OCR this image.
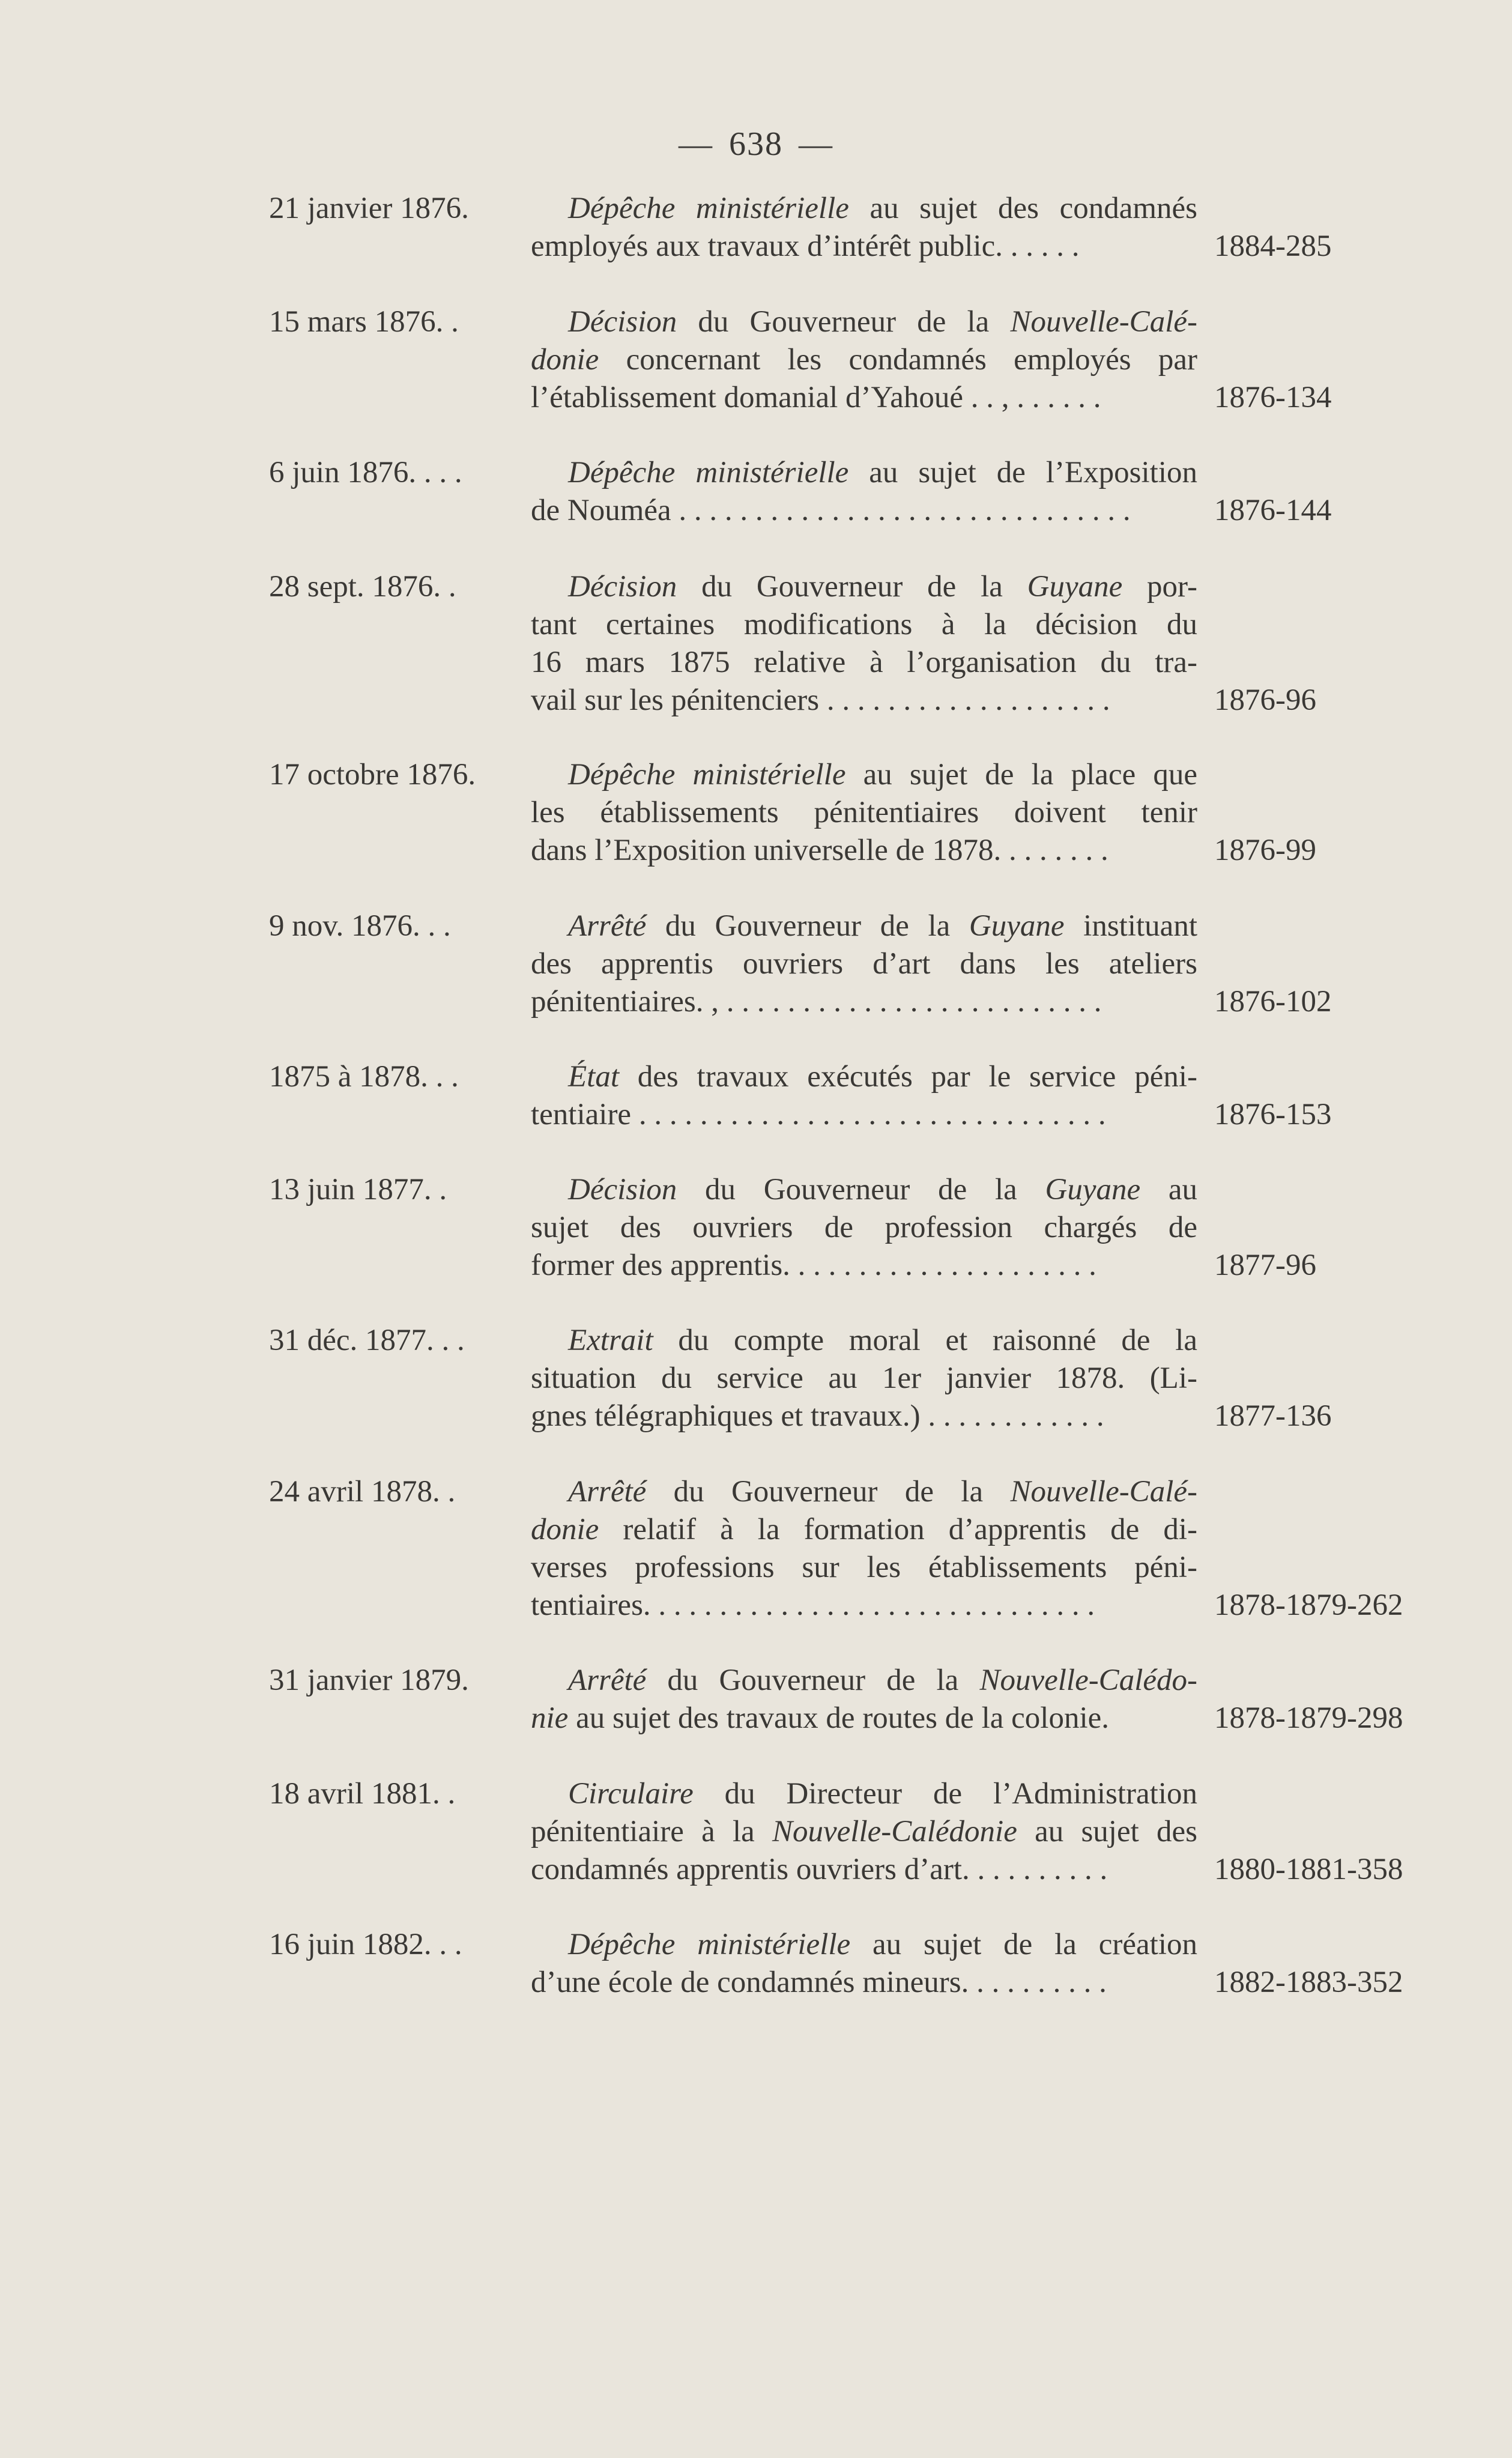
— 638 —
21 janvier 1876.	Dépêche ministérielle au sujet des condamnés
employés aux travaux d’intérêt public. . . . . .	1884-285
15 mars 1876. .	Décision du Gouverneur de la Nouvelle-Calé-
donie concernant les condamnés employés par
l’établissement domanial d’Yahoué . . , . . . . . .	1876-134
6 juin 1876. . . .	Dépêche ministérielle au sujet de l’Exposition
de Nouméa . . . . . . . . . . . . . . . . . . . . . . . . . . . . . .	1876-144
28 sept. 1876. .	Décision du Gouverneur de la Guyane por-
tant certaines modifications à la décision du
16 mars 1875 relative à l’organisation du tra-
vail sur les pénitenciers . . . . . . . . . . . . . . . . . . .	1876-96
17 octobre 1876.	Dépêche ministérielle au sujet de la place que
les établissements pénitentiaires doivent tenir
dans l’Exposition universelle de 1878. . . . . . . .	1876-99
9 nov. 1876. . .	Arrêté du Gouverneur de la Guyane instituant
des apprentis ouvriers d’art dans les ateliers
pénitentiaires. , . . . . . . . . . . . . . . . . . . . . . . . . .	1876-102
1875 à 1878. . .	État des travaux exécutés par le service péni-
tentiaire . . . . . . . . . . . . . . . . . . . . . . . . . . . . . . .	1876-153
13 juin 1877. .	Décision du Gouverneur de la Guyane au
sujet des ouvriers de profession chargés de
former des apprentis. . . . . . . . . . . . . . . . . . . . .	1877-96
31 déc. 1877. . .	Extrait du compte moral et raisonné de la
situation du service au 1er janvier 1878. (Li-
gnes télégraphiques et travaux.) . . . . . . . . . . . .	1877-136
24 avril 1878. .	Arrêté du Gouverneur de la Nouvelle-Calé-
donie relatif à la formation d’apprentis de di-
verses professions sur les établissements péni-
tentiaires. . . . . . . . . . . . . . . . . . . . . . . . . . . . . .	1878-1879-262
31 janvier 1879.	Arrêté du Gouverneur de la Nouvelle-Calédo-
nie au sujet des travaux de routes de la colonie.	1878-1879-298
18 avril 1881. .	Circulaire du Directeur de l’Administration
pénitentiaire à la Nouvelle-Calédonie au sujet des
condamnés apprentis ouvriers d’art. . . . . . . . . .	1880-1881-358
16 juin 1882. . .	Dépêche ministérielle au sujet de la création
d’une école de condamnés mineurs. . . . . . . . . .	1882-1883-352
